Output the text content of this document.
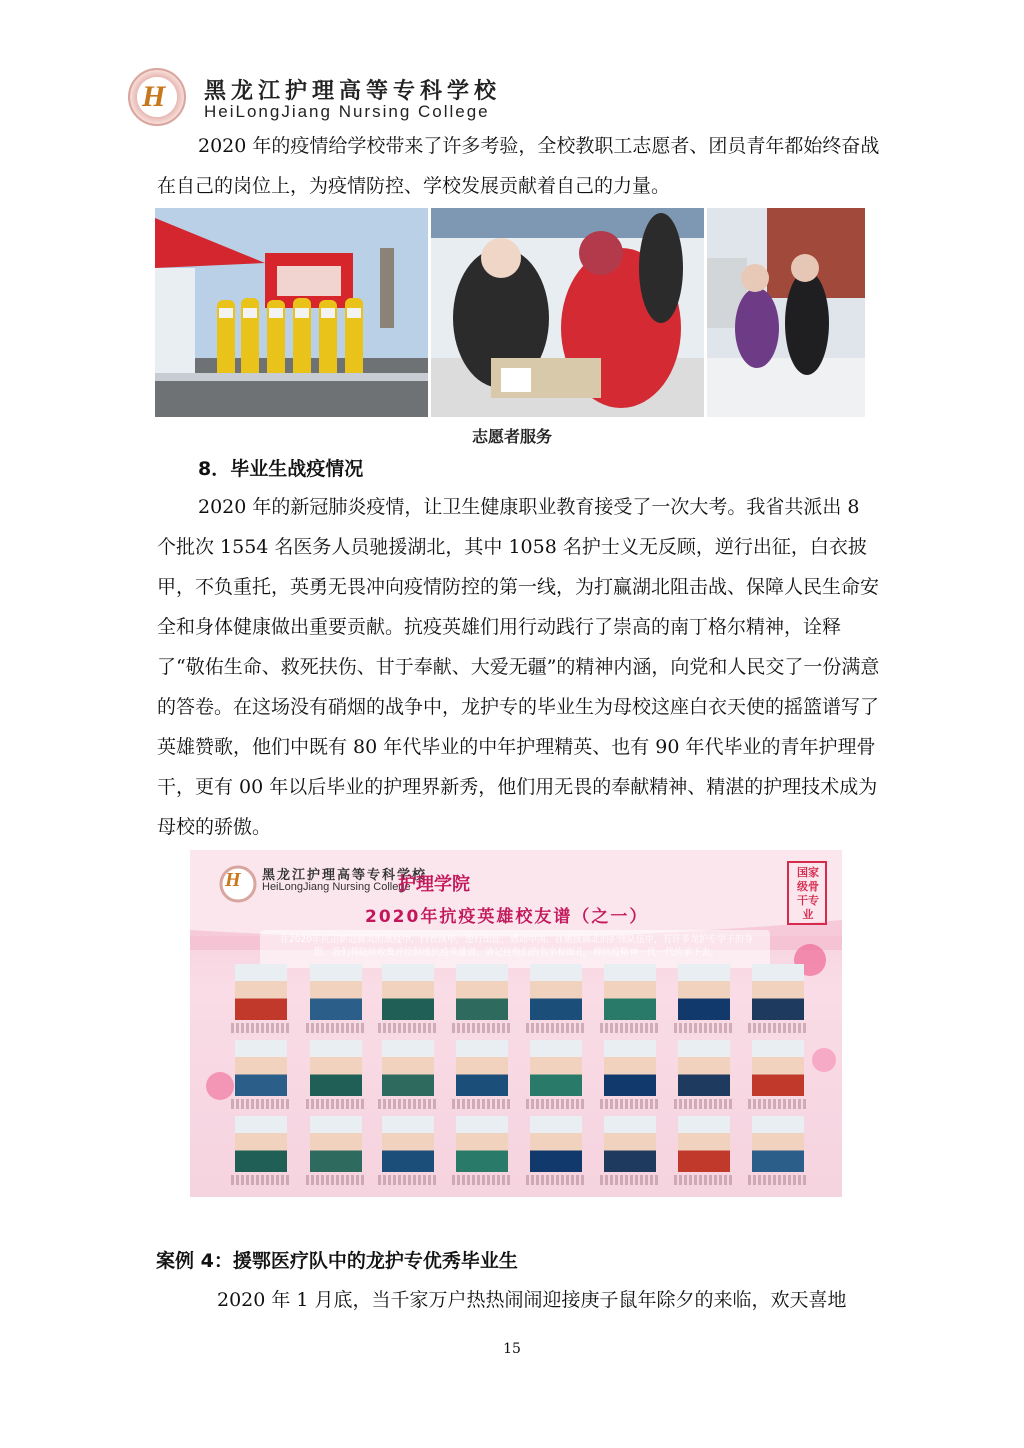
H 黑龙江护理高等专科学校
HeiLongJiang Nursing College

2020 年的疫情给学校带来了许多考验，全校教职工志愿者、团员青年都始终奋战在自己的岗位上，为疫情防控、学校发展贡献着自己的力量。

志愿者服务
8．毕业生战疫情况

2020 年的新冠肺炎疫情，让卫生健康职业教育接受了一次大考。我省共派出 8 个批次 1554 名医务人员驰援湖北，其中 1058 名护士义无反顾，逆行出征，白衣披甲，不负重托，英勇无畏冲向疫情防控的第一线，为打赢湖北阻击战、保障人民生命安全和身体健康做出重要贡献。抗疫英雄们用行动践行了崇高的南丁格尔精神，诠释了“敬佑生命、救死扶伤、甘于奉献、大爱无疆”的精神内涵，向党和人民交了一份满意的答卷。在这场没有硝烟的战争中，龙护专的毕业生为母校这座白衣天使的摇篮谱写了英雄赞歌，他们中既有 80 年代毕业的中年护理精英、也有 90 年代毕业的青年护理骨干，更有 00 年以后毕业的护理界新秀，他们用无畏的奉献精神、精湛的护理技术成为母校的骄傲。

H	黑龙江护理高等专科学校
HeiLongJiang Nursing College
护理学院
2020年抗疫英雄校友谱（之一）
在2020年抗击新冠肺炎的战疫中，白衣执甲，逆行出征，感动中国。在驰援湖北的护理队伍中，有许多龙护专学子的身影。我们将陆续收集并绘制成抗疫英雄谱，请记住他们的名字和面孔，将抗疫精神一代一代传承下去。
国家级骨干专业
案例 4：援鄂医疗队中的龙护专优秀毕业生

2020 年 1 月底，当千家万户热热闹闹迎接庚子鼠年除夕的来临，欢天喜地

15
